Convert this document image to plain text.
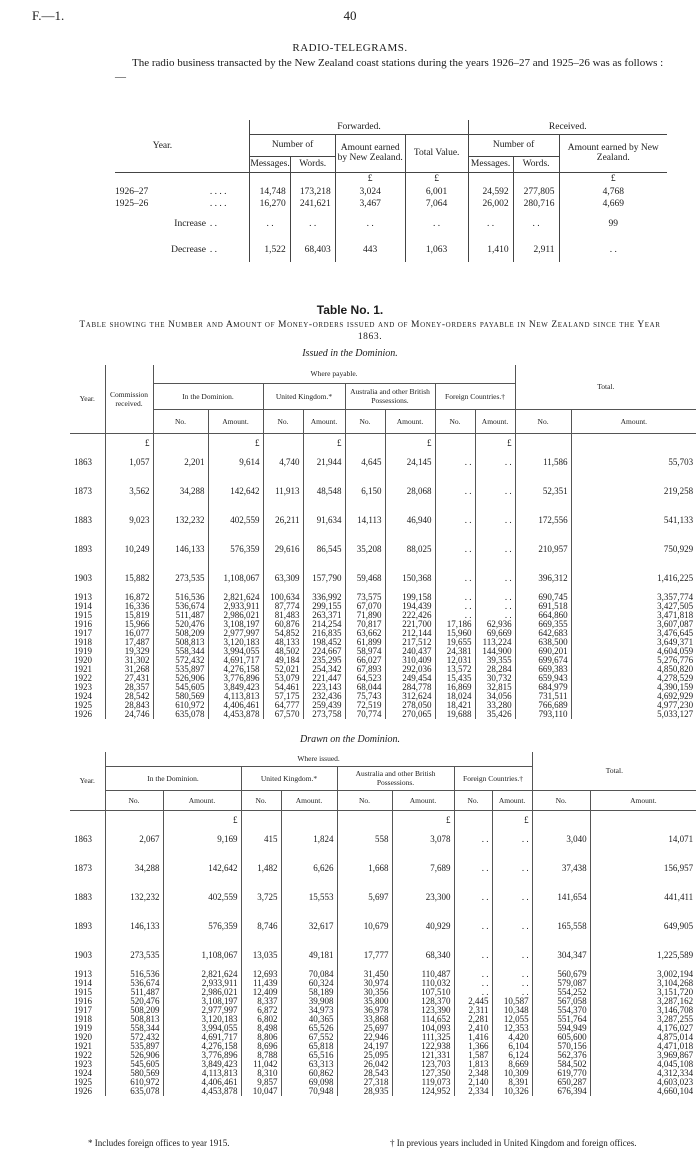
F.—1.	40
RADIO-TELEGRAMS.
The radio business transacted by the New Zealand coast stations during the years 1926–27 and 1925–26 was as follows :—
Year.		Forwarded.				Received.		
		Number of		Amount earned by New Zealand.	Total Value.	Number of		Amount earned by New Zealand.
		Messages.	Words.			Messages.	Words.	
				£	£			£
1926–27	. . . .	14,748	173,218	3,024	6,001	24,592	277,805	4,768
1925–26	. . . .	16,270	241,621	3,467	7,064	26,002	280,716	4,669
Increase	. .	. .	. .	. .	. .	. .	. .	99
Decrease	. .	1,522	68,403	443	1,063	1,410	2,911	. .
Table No. 1.
Table showing the Number and Amount of Money-orders issued and of Money-orders payable in New Zealand since the Year 1863.
Issued in the Dominion.
Year.	Commission received.	Where payable.								Total.	
		In the Dominion.		United Kingdom.*		Australia and other British Possessions.		Foreign Countries.†			
		No.	Amount.	No.	Amount.	No.	Amount.	No.	Amount.	No.	Amount.
	£		£		£		£		£		
1863	1,057	2,201	9,614	4,740	21,944	4,645	24,145	. .	. .	11,586	55,703
1873	3,562	34,288	142,642	11,913	48,548	6,150	28,068	. .	. .	52,351	219,258
1883	9,023	132,232	402,559	26,211	91,634	14,113	46,940	. .	. .	172,556	541,133
1893	10,249	146,133	576,359	29,616	86,545	35,208	88,025	. .	. .	210,957	750,929
1903	15,882	273,535	1,108,067	63,309	157,790	59,468	150,368	. .	. .	396,312	1,416,225
1913	16,872	516,536	2,821,624	100,634	336,992	73,575	199,158	. .	. .	690,745	3,357,774
1914	16,336	536,674	2,933,911	87,774	299,155	67,070	194,439	. .	. .	691,518	3,427,505
1915	15,819	511,487	2,986,021	81,483	263,371	71,890	222,426	. .	. .	664,860	3,471,818
1916	15,966	520,476	3,108,197	60,876	214,254	70,817	221,700	17,186	62,936	669,355	3,607,087
1917	16,077	508,209	2,977,997	54,852	216,835	63,662	212,144	15,960	69,669	642,683	3,476,645
1918	17,487	508,813	3,120,183	48,133	198,452	61,899	217,512	19,655	113,224	638,500	3,649,371
1919	19,329	558,344	3,994,055	48,502	224,667	58,974	240,437	24,381	144,900	690,201	4,604,059
1920	31,302	572,432	4,691,717	49,184	235,295	66,027	310,409	12,031	39,355	699,674	5,276,776
1921	31,268	535,897	4,276,158	52,021	254,342	67,893	292,036	13,572	28,284	669,383	4,850,820
1922	27,431	526,906	3,776,896	53,079	221,447	64,523	249,454	15,435	30,732	659,943	4,278,529
1923	28,357	545,605	3,849,423	54,461	223,143	68,044	284,778	16,869	32,815	684,979	4,390,159
1924	28,542	580,569	4,113,813	57,175	232,436	75,743	312,624	18,024	34,056	731,511	4,692,929
1925	28,843	610,972	4,406,461	64,777	259,439	72,519	278,050	18,421	33,280	766,689	4,977,230
1926	24,746	635,078	4,453,878	67,570	273,758	70,774	270,065	19,688	35,426	793,110	5,033,127
Drawn on the Dominion.
Year.	Where issued.								Total.	
	In the Dominion.		United Kingdom.*		Australia and other British Possessions.		Foreign Countries.†			
	No.	Amount.	No.	Amount.	No.	Amount.	No.	Amount.	No.	Amount.
		£				£		£		
1863	2,067	9,169	415	1,824	558	3,078	. .	. .	3,040	14,071
1873	34,288	142,642	1,482	6,626	1,668	7,689	. .	. .	37,438	156,957
1883	132,232	402,559	3,725	15,553	5,697	23,300	. .	. .	141,654	441,411
1893	146,133	576,359	8,746	32,617	10,679	40,929	. .	. .	165,558	649,905
1903	273,535	1,108,067	13,035	49,181	17,777	68,340	. .	. .	304,347	1,225,589
1913	516,536	2,821,624	12,693	70,084	31,450	110,487	. .	. .	560,679	3,002,194
1914	536,674	2,933,911	11,439	60,324	30,974	110,032	. .	. .	579,087	3,104,268
1915	511,487	2,986,021	12,409	58,189	30,356	107,510	. .	. .	554,252	3,151,720
1916	520,476	3,108,197	8,337	39,908	35,800	128,370	2,445	10,587	567,058	3,287,162
1917	508,209	2,977,997	6,872	34,973	36,978	123,390	2,311	10,348	554,370	3,146,708
1918	508,813	3,120,183	6,802	40,365	33,868	114,652	2,281	12,055	551,764	3,287,255
1919	558,344	3,994,055	8,498	65,526	25,697	104,093	2,410	12,353	594,949	4,176,027
1920	572,432	4,691,717	8,806	67,552	22,946	111,325	1,416	4,420	605,600	4,875,014
1921	535,897	4,276,158	8,696	65,818	24,197	122,938	1,366	6,104	570,156	4,471,018
1922	526,906	3,776,896	8,788	65,516	25,095	121,331	1,587	6,124	562,376	3,969,867
1923	545,605	3,849,423	11,042	63,313	26,042	123,703	1,813	8,669	584,502	4,045,108
1924	580,569	4,113,813	8,310	60,862	28,543	127,350	2,348	10,309	619,770	4,312,334
1925	610,972	4,406,461	9,857	69,098	27,318	119,073	2,140	8,391	650,287	4,603,023
1926	635,078	4,453,878	10,047	70,948	28,935	124,952	2,334	10,326	676,394	4,660,104
* Includes foreign offices to year 1915.	† In previous years included in United Kingdom and foreign offices.
